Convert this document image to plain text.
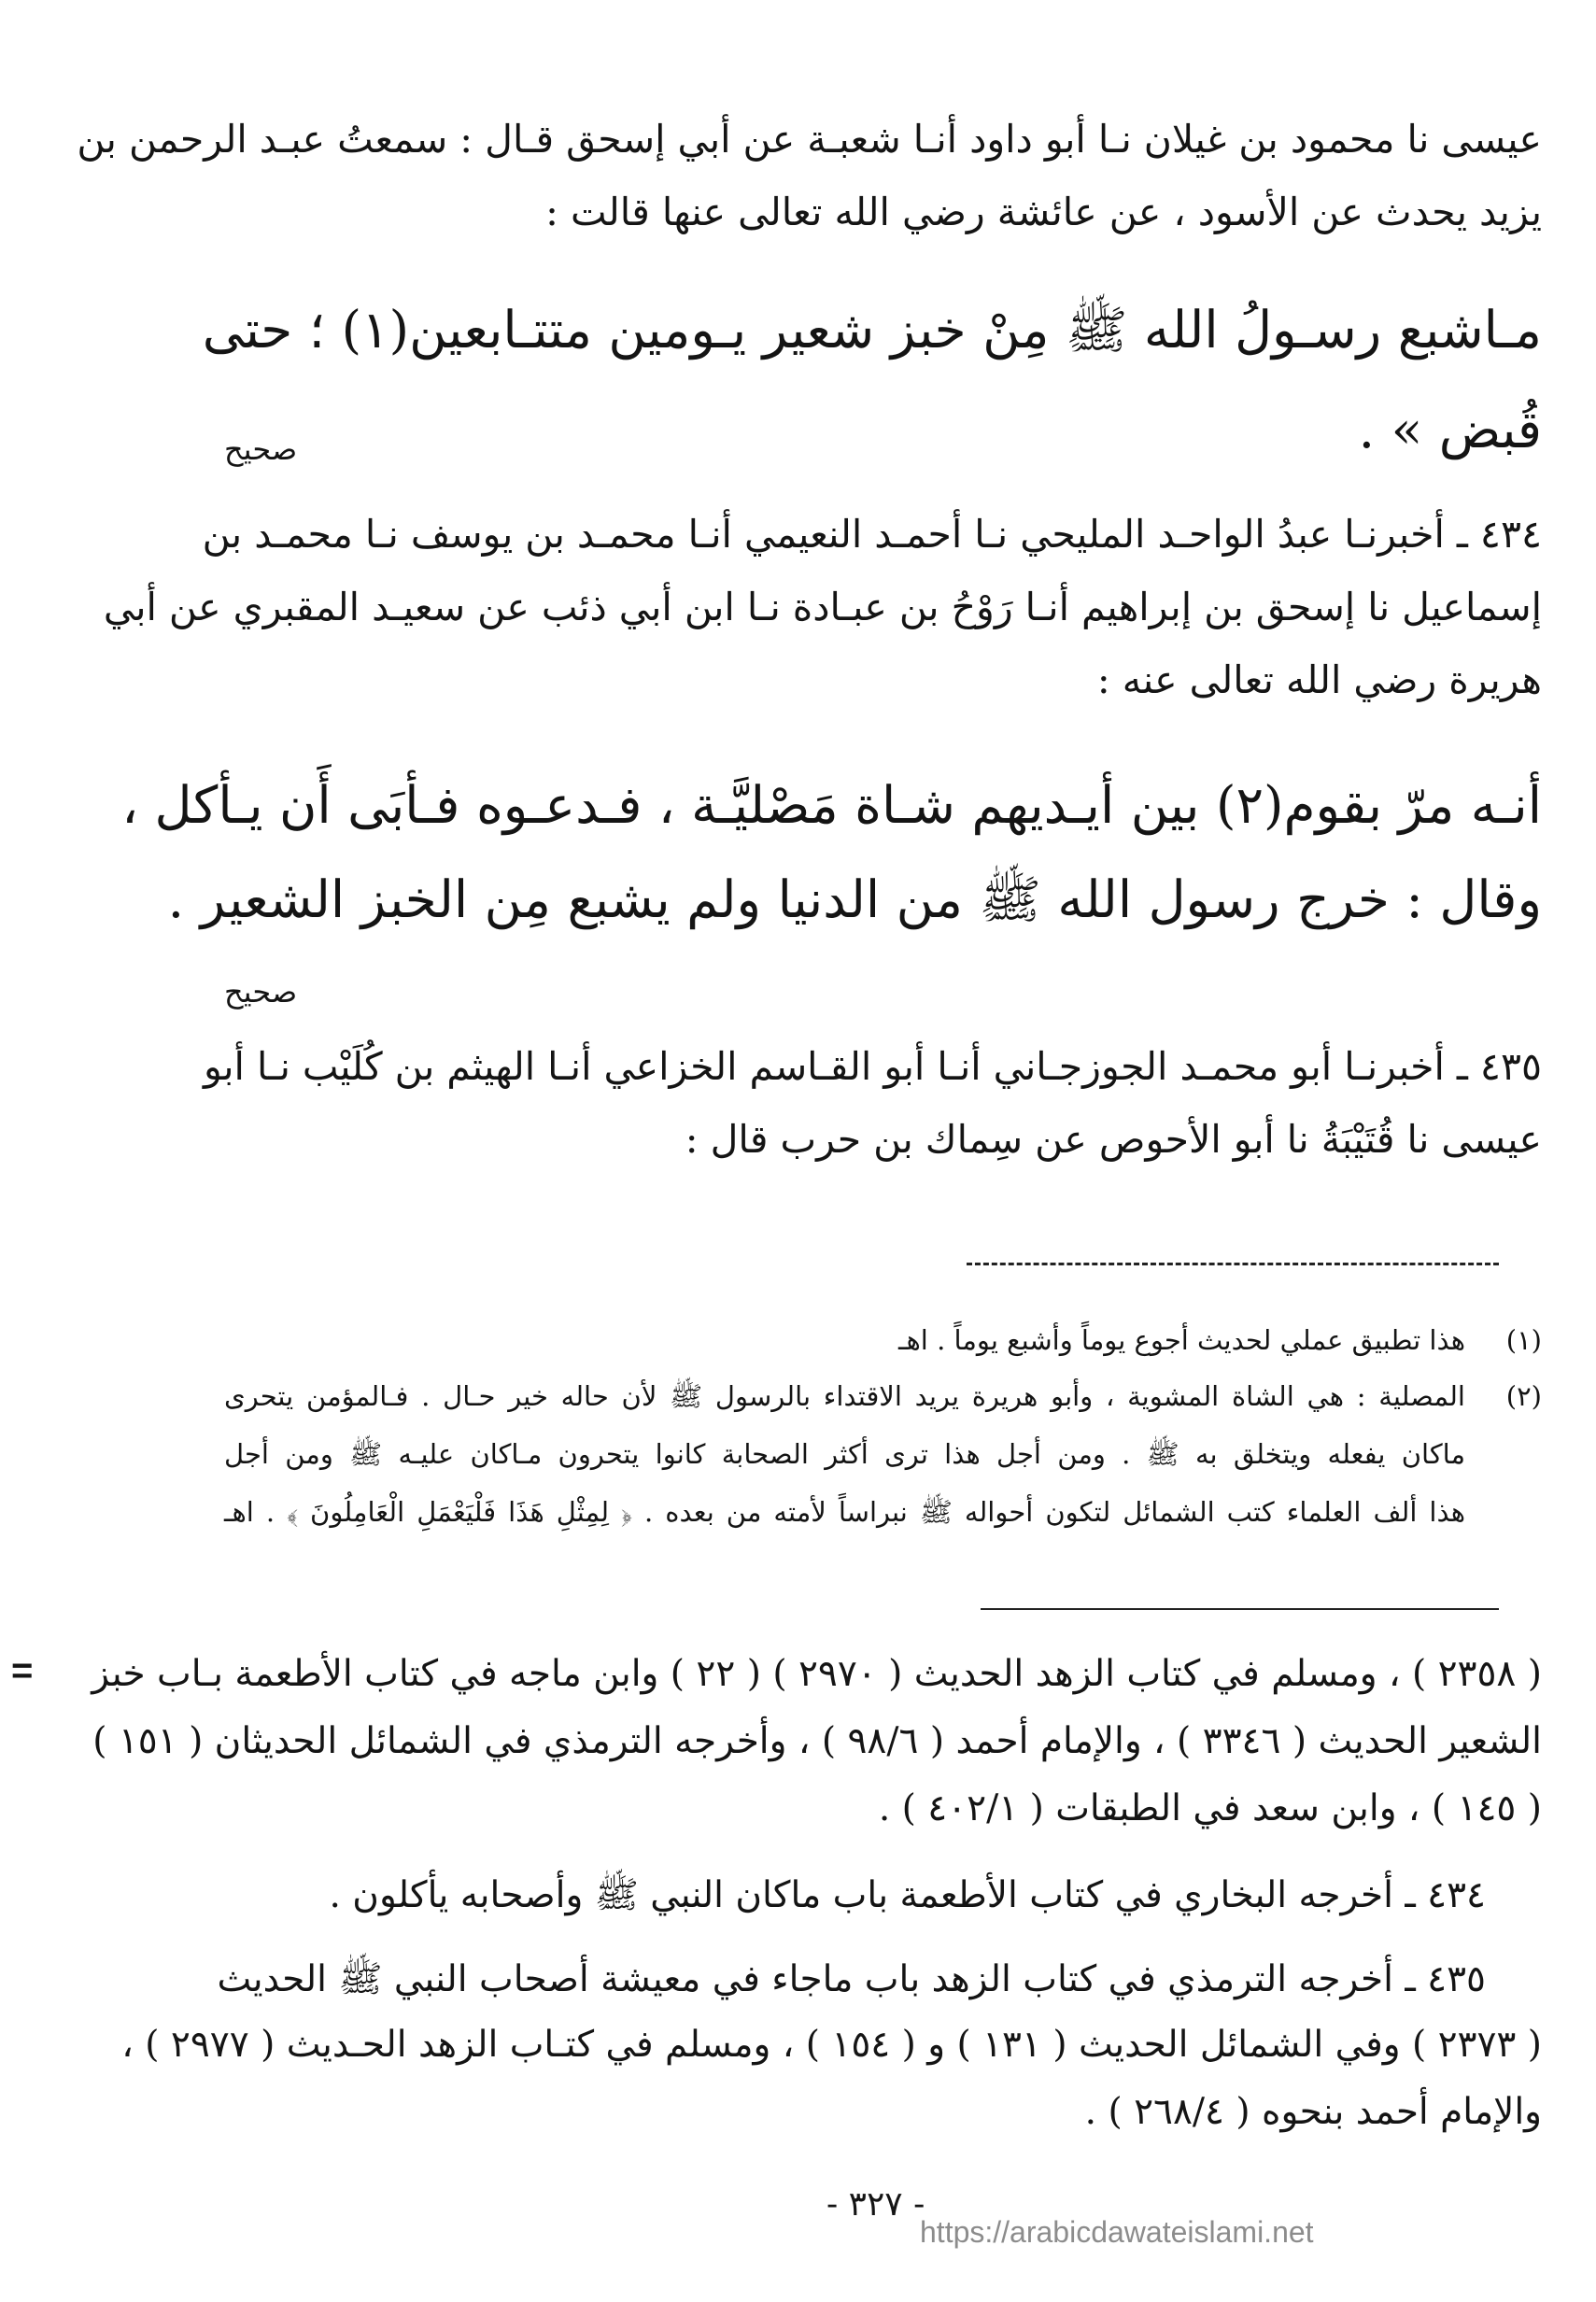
عيسى نا محمود بن غيلان نـا أبو داود أنـا شعبـة عن أبي إسحق قـال : سمعتُ عبـد الرحمن بن
يزيد يحدث عن الأسود ، عن عائشة رضي الله تعالى عنها قالت :
مـاشبع رسـولُ الله ﷺ مِنْ خبز شعير يـومين متتـابعين(١) ؛ حتى
قُبض » .
صحيح
٤٣٤ ـ أخبرنـا عبدُ الواحـد المليحي نـا أحمـد النعيمي أنـا محمـد بن يوسف نـا محمـد بن
إسماعيل نا إسحق بن إبراهيم أنـا رَوْحُ بن عبـادة نـا ابن أبي ذئب عن سعيـد المقبري عن أبي
هريرة رضي الله تعالى عنه :
أنـه مرّ بقوم(٢) بين أيـديهم شـاة مَصْليَّـة ، فـدعـوه فـأبَى أَن يـأكل ،
وقال : خرج رسول الله ﷺ من الدنيا ولم يشبع مِن الخبز الشعير .
صحيح
٤٣٥ ـ أخبرنـا أبو محمـد الجوزجـاني أنـا أبو القـاسم الخزاعي أنـا الهيثم بن كُلَيْب نـا أبو
عيسى نا قُتَيْبَةُ نا أبو الأحوص عن سِماك بن حرب قال :
(١)
هذا تطبيق عملي لحديث أجوع يوماً وأشبع يوماً . اهـ
(٢)
المصلية : هي الشاة المشوية ، وأبو هريرة يريد الاقتداء بالرسول ﷺ لأن حاله خير حـال . فـالمؤمن يتحرى
ماكان يفعله ويتخلق به ﷺ . ومن أجل هذا ترى أكثر الصحابة كانوا يتحرون مـاكان عليـه ﷺ ومن أجل
هذا ألف العلماء كتب الشمائل لتكون أحواله ﷺ نبراساً لأمته من بعده . ﴿ لِمِثْلِ هَذَا فَلْيَعْمَلِ الْعَامِلُونَ ﴾ . اهـ
= ( ٢٣٥٨ ) ، ومسلم في كتاب الزهد الحديث ( ٢٩٧٠ ) ( ٢٢ ) وابن ماجه في كتاب الأطعمة بـاب خبز
الشعير الحديث ( ٣٣٤٦ ) ، والإمام أحمد ( ٩٨/٦ ) ، وأخرجه الترمذي في الشمائل الحديثان ( ١٥١ )
( ١٤٥ ) ، وابن سعد في الطبقات ( ٤٠٢/١ ) .
٤٣٤ ـ أخرجه البخاري في كتاب الأطعمة باب ماكان النبي ﷺ وأصحابه يأكلون .
٤٣٥ ـ أخرجه الترمذي في كتاب الزهد باب ماجاء في معيشة أصحاب النبي ﷺ الحديث
( ٢٣٧٣ ) وفي الشمائل الحديث ( ١٣١ ) و ( ١٥٤ ) ، ومسلم في كتـاب الزهد الحـديث ( ٢٩٧٧ ) ،
والإمام أحمد بنحوه ( ٢٦٨/٤ ) .
- ٣٢٧ -
https://arabicdawateislami.net
